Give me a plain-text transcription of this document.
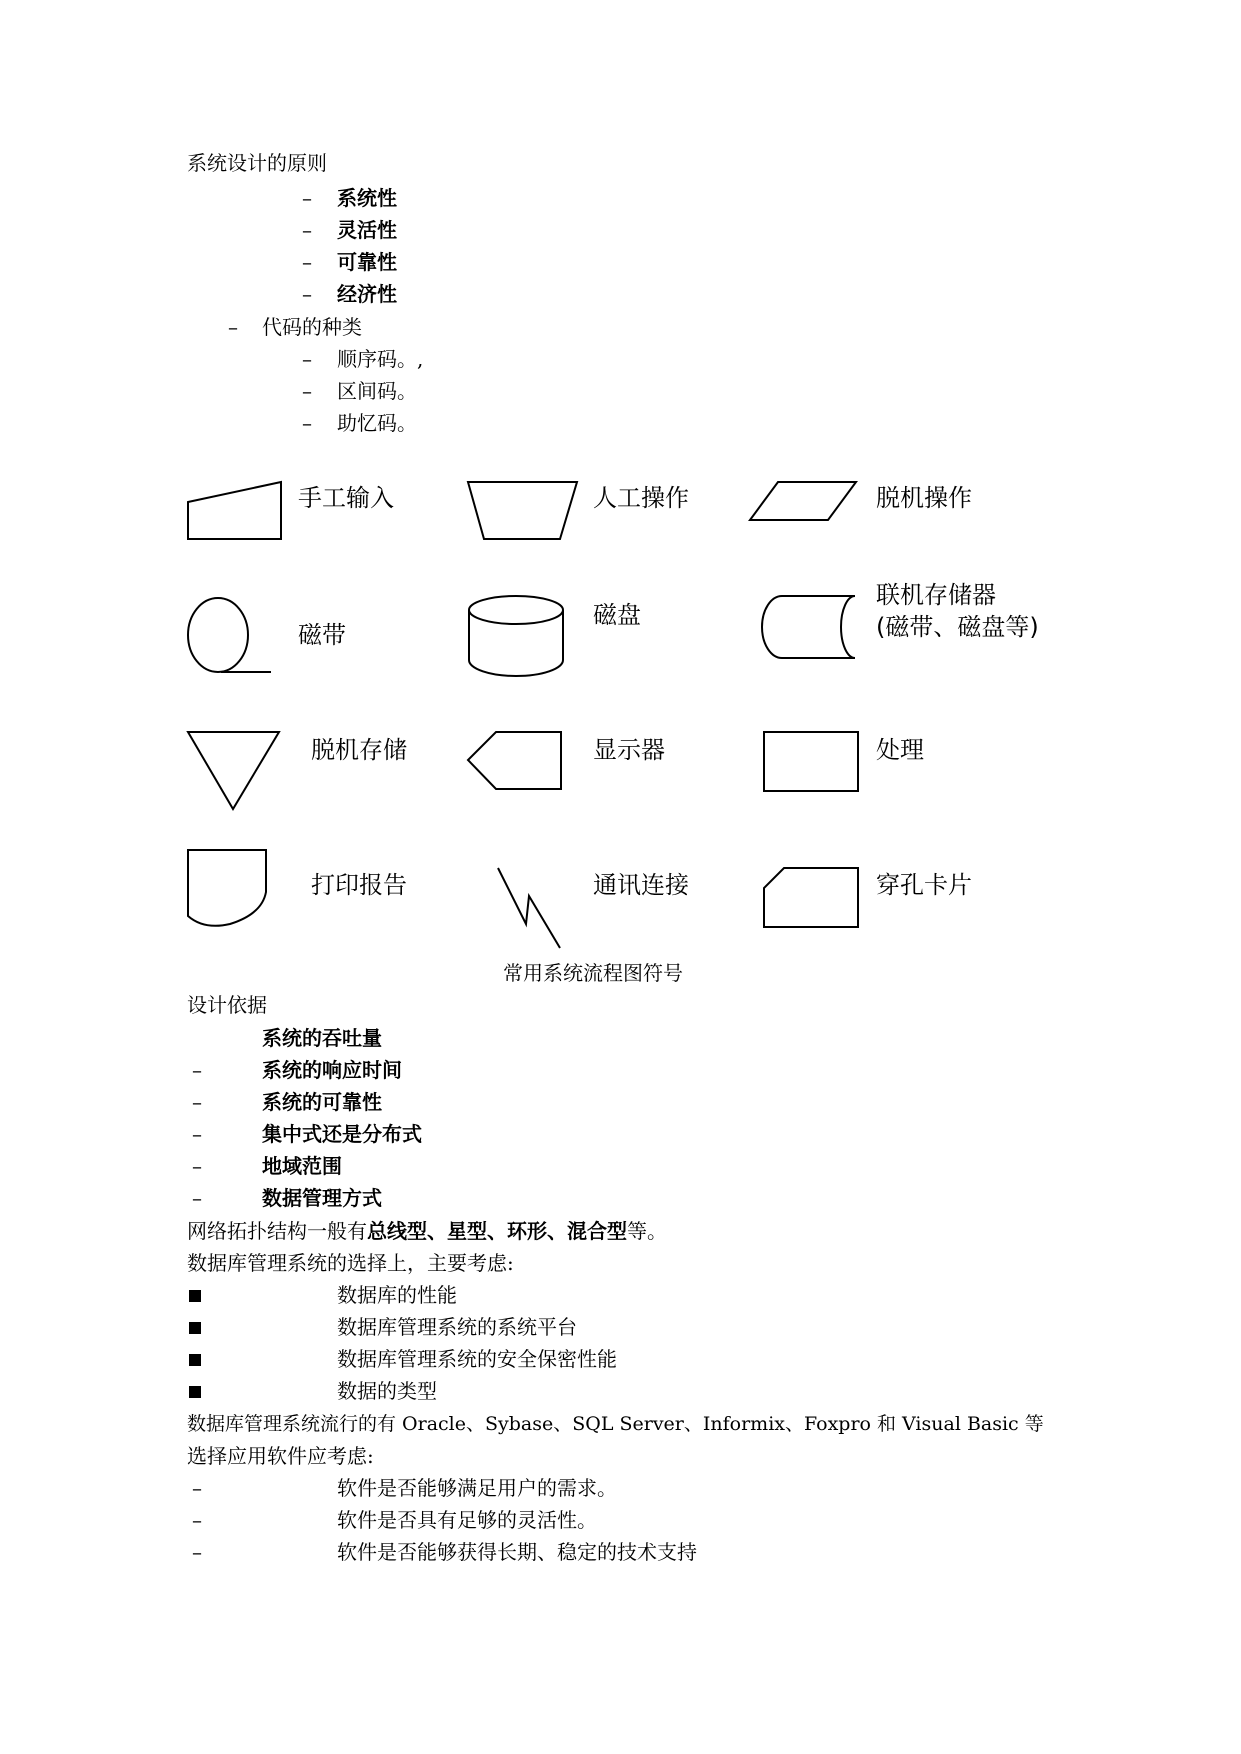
系统设计的原则
– 系统性
– 灵活性
– 可靠性
– 经济性
– 代码的种类
– 顺序码。,
– 区间码。
– 助忆码。
手工输入	人工操作	脱机操作
磁带
磁盘
联机存储器
(磁带、磁盘等)
脱机存储	显示器	处理
打印报告	通讯连接	穿孔卡片
常用系统流程图符号
设计依据
系统的吞吐量
–	系统的响应时间
–	系统的可靠性
–	集中式还是分布式
–	地域范围
–	数据管理方式
网络拓扑结构一般有总线型、星型、环形、混合型等。
数据库管理系统的选择上，主要考虑:
数据库的性能
数据库管理系统的系统平台
数据库管理系统的安全保密性能
数据的类型
数据库管理系统流行的有 Oracle、Sybase、SQL Server、Informix、Foxpro 和 Visual Basic 等
选择应用软件应考虑:
–	软件是否能够满足用户的需求。
–	软件是否具有足够的灵活性。
–	软件是否能够获得长期、稳定的技术支持
